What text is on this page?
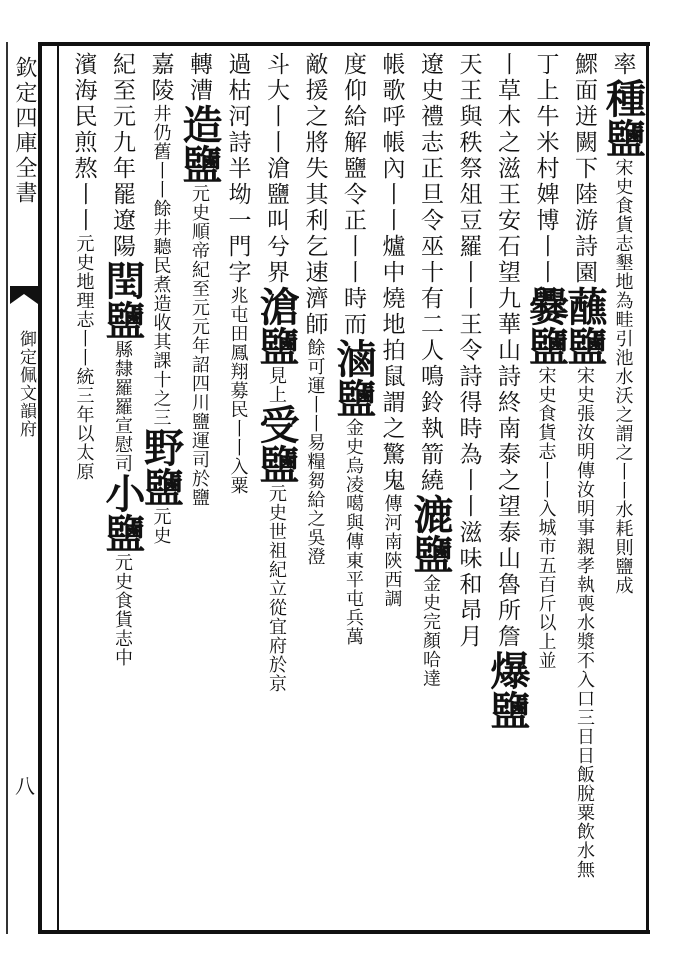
欽定四庫全書
御定佩文韻府
八
率種鹽宋史食貨志墾地為畦引池水沃之謂之丨丨水耗則鹽成
鰥面迸闕下陸游詩園蘸鹽宋史張汝明傳汝明事親孝執喪水漿不入口三日日飯脫粟飲水無
丁上牛米村婢博丨丨爨鹽宋史食貨志丨丨入城市五百斤以上並
丨草木之滋王安石望九華山詩終南泰之望泰山魯所詹爆鹽
天王與秩祭俎豆羅丨丨王令詩得時為丨丨滋味和昂月
遼史禮志正旦令巫十有二人鳴鈴執箭繞漉鹽金史完顏哈達
帳歌呼帳內丨丨爐中燒地拍鼠謂之驚鬼傳河南陝西調
度仰給解鹽令正丨丨時而滷鹽金史烏凌噶與傳東平屯兵萬
敵援之將失其利乞速濟師餘可運丨丨易糧芻給之吳澄
斗大丨丨滄鹽叫兮界滄鹽見上受鹽元史世祖紀立從宜府於京
過枯河詩半坳一門字兆屯田鳳翔募民丨丨入粟
轉漕造鹽元史順帝紀至元元年詔四川鹽運司於鹽
嘉陵井仍舊丨丨餘井聽民煮造收其課十之三野鹽元史
紀至元九年罷遼陽閏鹽縣隸羅羅宣慰司小鹽元史食貨志中
濱海民煎熬丨丨元史地理志丨丨統三年以太原
